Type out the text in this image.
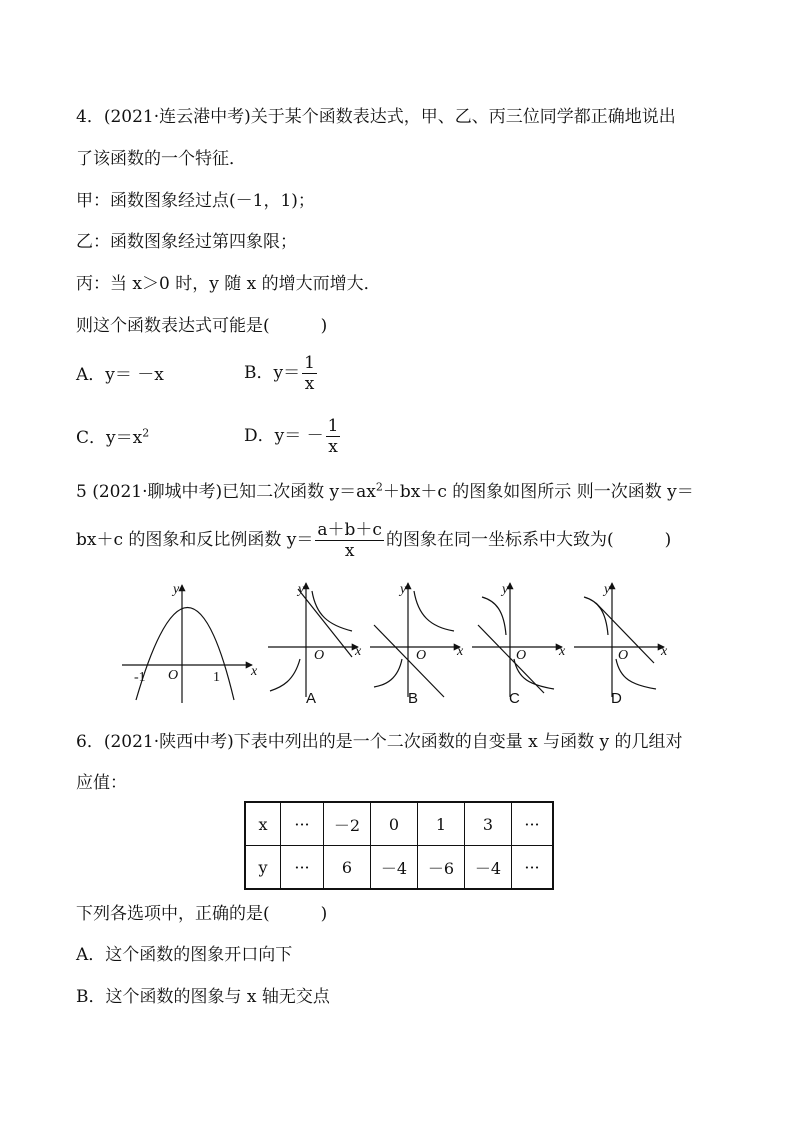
4．(2021·连云港中考)关于某个函数表达式，甲、乙、丙三位同学都正确地说出
了该函数的一个特征．
甲：函数图象经过点(－1，1)；
乙：函数图象经过第四象限；
丙：当 x＞0 时，y 随 x 的增大而增大．
则这个函数表达式可能是(　　　)
A．y＝ －x	B．$y= \frac{1}{x}$
C．$y=x^2$	D．$y= - \frac{1}{x}$
5 (2021·聊城中考)已知二次函数 $y=ax^2+bx+c$ 的图象如图所示 则一次函数 y＝
bx＋c 的图象和反比例函数 $y= \frac{a+b+c}{x}$ 的图象在同一坐标系中大致为(　　　)
y
x
O
-1	1
y
x
O
y
x
O
y
x
O
y
x
O
A	B	C	D
6．(2021·陕西中考)下表中列出的是一个二次函数的自变量 x 与函数 y 的几组对
应值：
x	···	－2	0	1	3	···
y	···	6	－4	－6	－4	···
下列各选项中，正确的是(　　　)
A．这个函数的图象开口向下
B．这个函数的图象与 x 轴无交点
